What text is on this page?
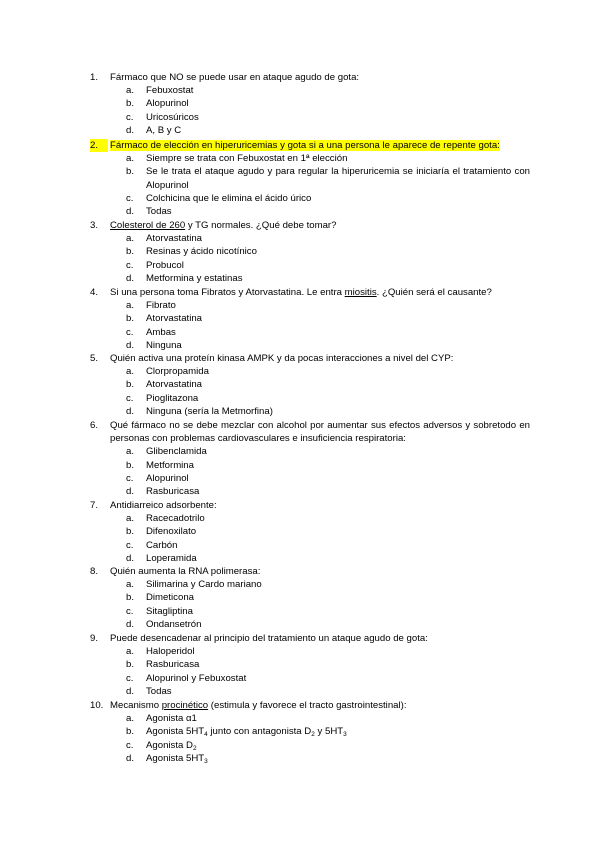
1.	Fármaco que NO se puede usar en ataque agudo de gota:
a.	Febuxostat
b.	Alopurinol
c.	Uricosúricos
d.	A, B y C
2.	Fármaco de elección en hiperuricemias y gota si a una persona le aparece de repente gota:
a.	Siempre se trata con Febuxostat en 1ª elección
b.	Se le trata el ataque agudo y para regular la hiperuricemia se iniciaría el tratamiento con Alopurinol
c.	Colchicina que le elimina el ácido úrico
d.	Todas
3.	Colesterol de 260 y TG normales. ¿Qué debe tomar?
a.	Atorvastatina
b.	Resinas y ácido nicotínico
c.	Probucol
d.	Metformina y estatinas
4.	Si una persona toma Fibratos y Atorvastatina. Le entra miositis. ¿Quién será el causante?
a.	Fibrato
b.	Atorvastatina
c.	Ambas
d.	Ninguna
5.	Quién activa una proteín kinasa AMPK y da pocas interacciones a nivel del CYP:
a.	Clorpropamida
b.	Atorvastatina
c.	Pioglitazona
d.	Ninguna (sería la Metmorfina)
6.	Qué fármaco no se debe mezclar con alcohol por aumentar sus efectos adversos y sobretodo en personas con problemas cardiovasculares e insuficiencia respiratoria:
a.	Glibenclamida
b.	Metformina
c.	Alopurinol
d.	Rasburicasa
7.	Antidiarreico adsorbente:
a.	Racecadotrilo
b.	Difenoxilato
c.	Carbón
d.	Loperamida
8.	Quién aumenta la RNA polimerasa:
a.	Silimarina y Cardo mariano
b.	Dimeticona
c.	Sitagliptina
d.	Ondansetrón
9.	Puede desencadenar al principio del tratamiento un ataque agudo de gota:
a.	Haloperidol
b.	Rasburicasa
c.	Alopurinol y Febuxostat
d.	Todas
10. Mecanismo procinético (estimula y favorece el tracto gastrointestinal):
a.	Agonista α1
b.	Agonista $5HT_4$ junto con antagonista $D_2$ y $5HT_3$
c.	Agonista $D_2$
d.	Agonista $5HT_3$
